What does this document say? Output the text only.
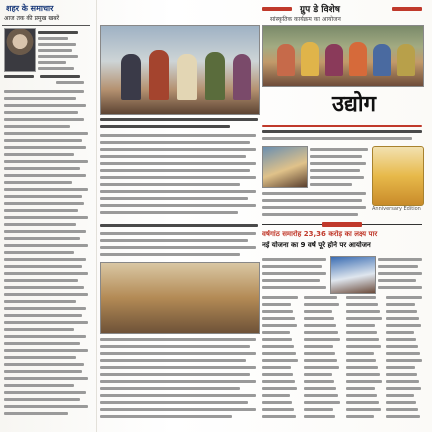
शहर के समाचार
आज तक की प्रमुख खबरें
ग्रुप डे विशेष
सांस्कृतिक कार्यक्रम का आयोजन
उद्योग
Anniversary Edition
वर्षगांठ समारोह 23,36 करोड़ का लक्ष्य पार
नई योजना का 9 वर्ष पूरे होने पर आयोजन
